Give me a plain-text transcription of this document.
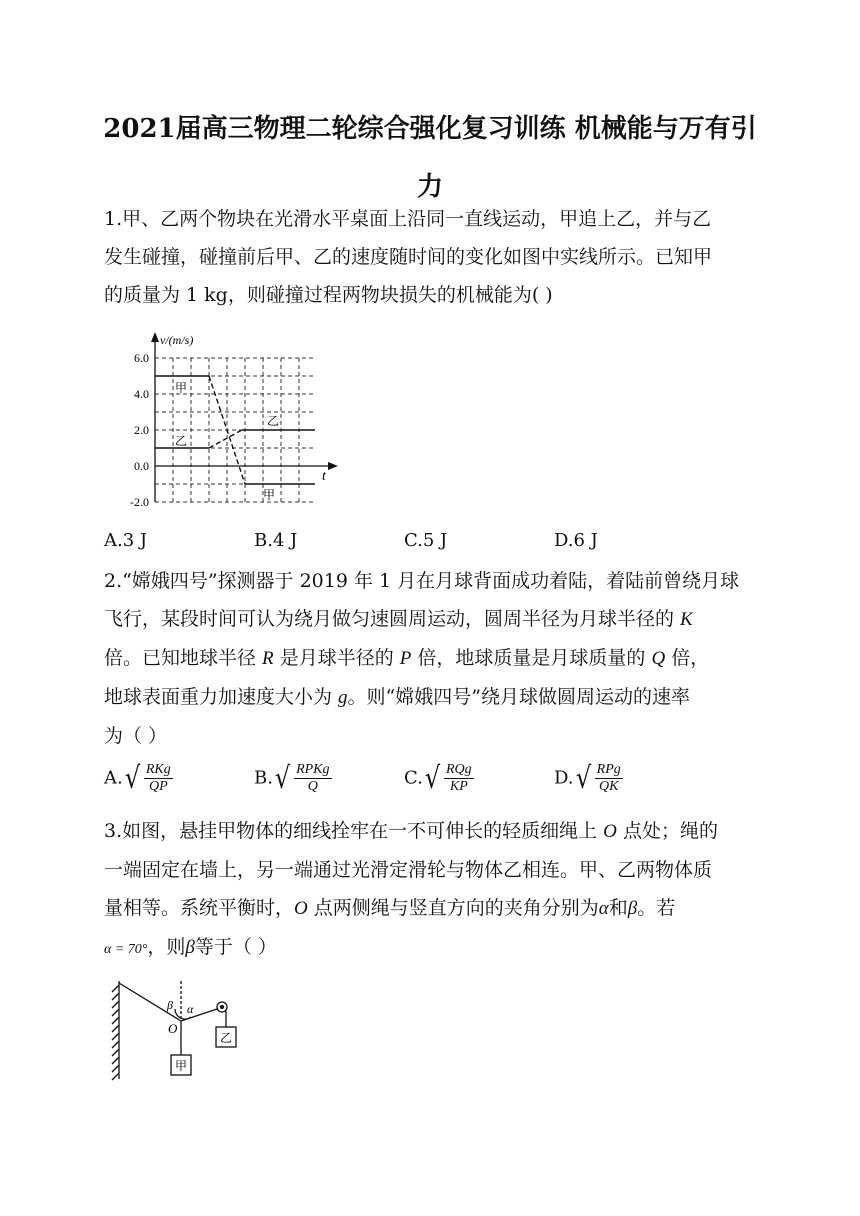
2021届高三物理二轮综合强化复习训练 机械能与万有引力
1.甲、乙两个物块在光滑水平桌面上沿同一直线运动，甲追上乙，并与乙
发生碰撞，碰撞前后甲、乙的速度随时间的变化如图中实线所示。已知甲
的质量为 1 kg，则碰撞过程两物块损失的机械能为( )
6.0
4.0
2.0
0.0
-2.0
甲
乙
乙
甲
v/(m/s)
t
A.3 J	B.4 J	C.5 J	D.6 J
2.“嫦娥四号”探测器于 2019 年 1 月在月球背面成功着陆，着陆前曾绕月球
飞行，某段时间可认为绕月做匀速圆周运动，圆周半径为月球半径的 K
倍。已知地球半径 R 是月球半径的 P 倍，地球质量是月球质量的 Q 倍，
地球表面重力加速度大小为 g。则“嫦娥四号”绕月球做圆周运动的速率
为（ ）
A. √ $\frac{\text{RKg}}{QP}$	B. √ $\frac{\text{RPKg}}{Q}$	C. √ $\frac{\text{RQg}}{KP}$	D. √ $\frac{\text{RPg}}{QK}$
3.如图，悬挂甲物体的细线拴牢在一不可伸长的轻质细绳上 O 点处；绳的
一端固定在墙上，另一端通过光滑定滑轮与物体乙相连。甲、乙两物体质
量相等。系统平衡时，O 点两侧绳与竖直方向的夹角分别为α和β。若
α = 70°，则β等于（ ）
β α
O
甲
乙
